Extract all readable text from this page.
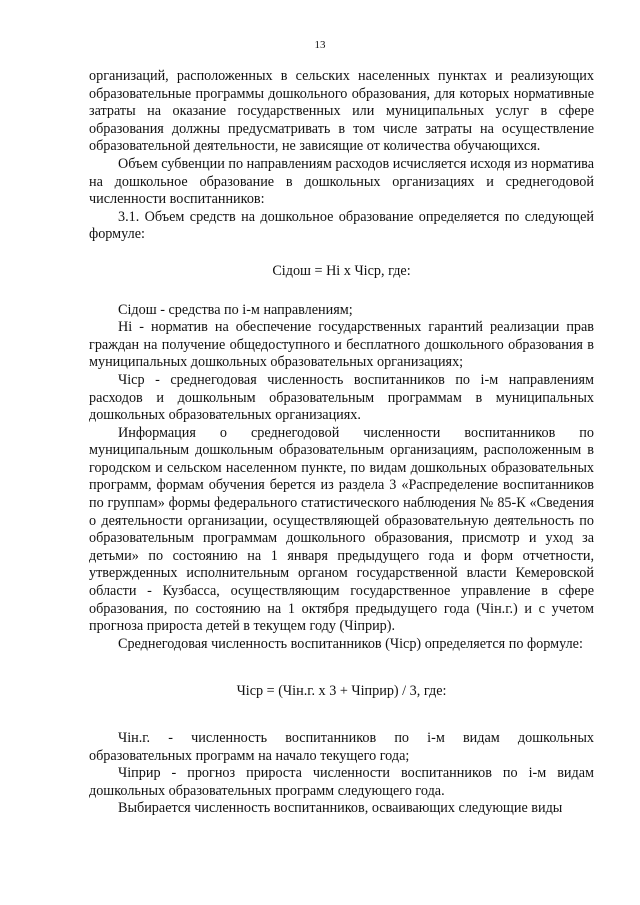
13

организаций, расположенных в сельских населенных пунктах и реализующих образовательные программы дошкольного образования, для которых нормативные затраты на оказание государственных или муниципальных услуг в сфере образования должны предусматривать в том числе затраты на осуществление образовательной деятельности, не зависящие от количества обучающихся.

Объем субвенции по направлениям расходов исчисляется исходя из норматива на дошкольное образование в дошкольных организациях и среднегодовой численности воспитанников:

3.1. Объем средств на дошкольное образование определяется по следующей формуле:

Сiдош = Нi x Чiср, где:

Сiдош - средства по i-м направлениям;

Нi - норматив на обеспечение государственных гарантий реализации прав граждан на получение общедоступного и бесплатного дошкольного образования в муниципальных дошкольных образовательных организациях;

Чiср - среднегодовая численность воспитанников по i-м направлениям расходов и дошкольным образовательным программам в муниципальных дошкольных образовательных организациях.

Информация о среднегодовой численности воспитанников по муниципальным дошкольным образовательным организациям, расположенным в городском и сельском населенном пункте, по видам дошкольных образовательных программ, формам обучения берется из раздела 3 «Распределение воспитанников по группам» формы федерального статистического наблюдения № 85-К «Сведения о деятельности организации, осуществляющей образовательную деятельность по образовательным программам дошкольного образования, присмотр и уход за детьми» по состоянию на 1 января предыдущего года и форм отчетности, утвержденных исполнительным органом государственной власти Кемеровской области - Кузбасса, осуществляющим государственное управление в сфере образования, по состоянию на 1 октября предыдущего года (Чiн.г.) и с учетом прогноза прироста детей в текущем году (Чiприр).

Среднегодовая численность воспитанников (Чiср) определяется по формуле:

Чiср = (Чiн.г. x 3 + Чiприр) / 3, где:

Чiн.г. - численность воспитанников по i-м видам дошкольных образовательных программ на начало текущего года;

Чiприр - прогноз прироста численности воспитанников по i-м видам дошкольных образовательных программ следующего года.

Выбирается численность воспитанников, осваивающих следующие виды
